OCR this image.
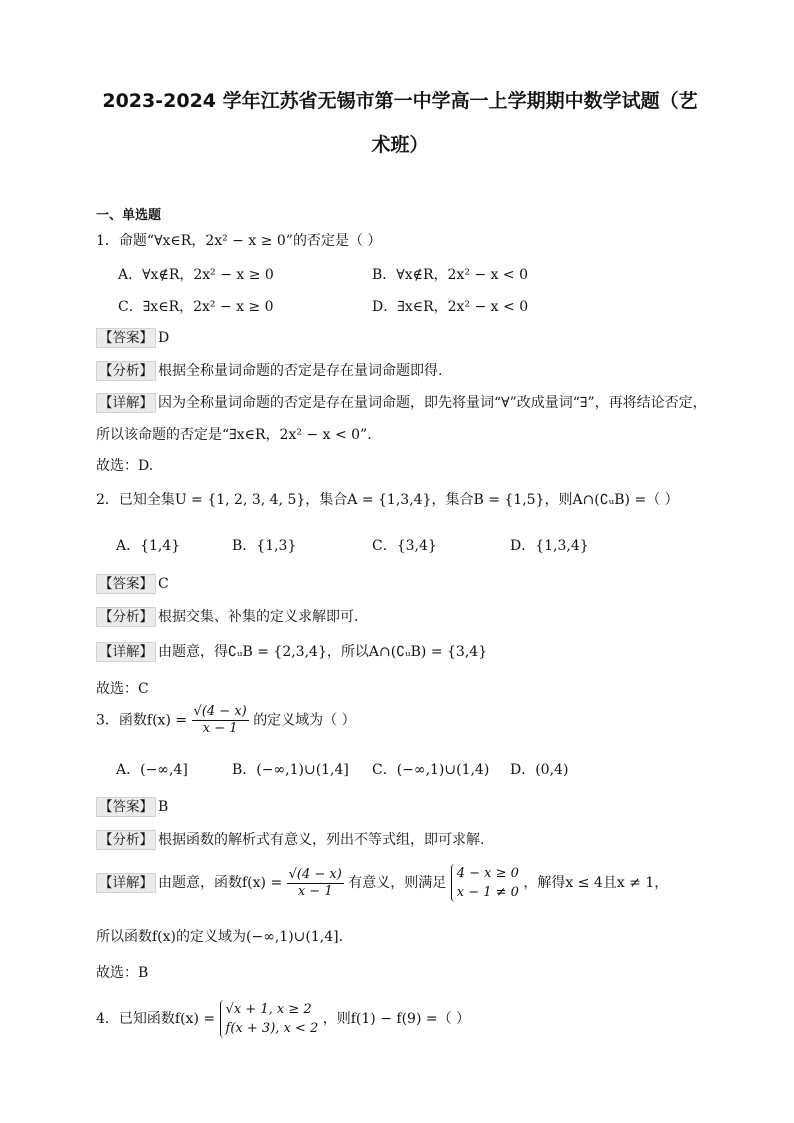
2023-2024 学年江苏省无锡市第一中学高一上学期期中数学试题（艺
术班）
一、单选题
1．命题“∀x∈R，2x² − x ≥ 0”的否定是（ ）
A．∀x∉R，2x² − x ≥ 0	B．∀x∉R，2x² − x < 0
C．∃x∈R，2x² − x ≥ 0	D．∃x∈R，2x² − x < 0
【答案】 D
【分析】 根据全称量词命题的否定是存在量词命题即得.
【详解】 因为全称量词命题的否定是存在量词命题，即先将量词“∀”改成量词“∃”，再将结论否定，
所以该命题的否定是“∃x∈R，2x² − x < 0”.
故选：D.
2．已知全集U = {1, 2, 3, 4, 5}，集合A = {1,3,4}，集合B = {1,5}，则A∩(∁ᵤB) =（ ）
A．{1,4}	B．{1,3}	C．{3,4}	D．{1,3,4}
【答案】 C
【分析】 根据交集、补集的定义求解即可.
【详解】 由题意，得∁ᵤB = {2,3,4}，所以A∩(∁ᵤB) = {3,4}
故选：C
3．函数$f(x) = \frac{√(4 - x)}{x - 1}$ 的定义域为（ ）
A．(−∞,4]	B．(−∞,1)∪(1,4] C．(−∞,1)∪(1,4) D．(0,4)
【答案】 B
【分析】 根据函数的解析式有意义，列出不等式组，即可求解.
【详解】 由题意，函数$f(x) = \frac{√(4 - x)}{x - 1}$ 有意义，则满足
4 − x ≥ 0
x − 1 ≠ 0
，解得x ≤ 4且x ≠ 1，
所以函数f(x)的定义域为(−∞,1)∪(1,4].
故选：B
4．已知函数f(x) =
√x + 1, x ≥ 2
f(x + 3), x < 2
，则f(1) − f(9) =（ ）
